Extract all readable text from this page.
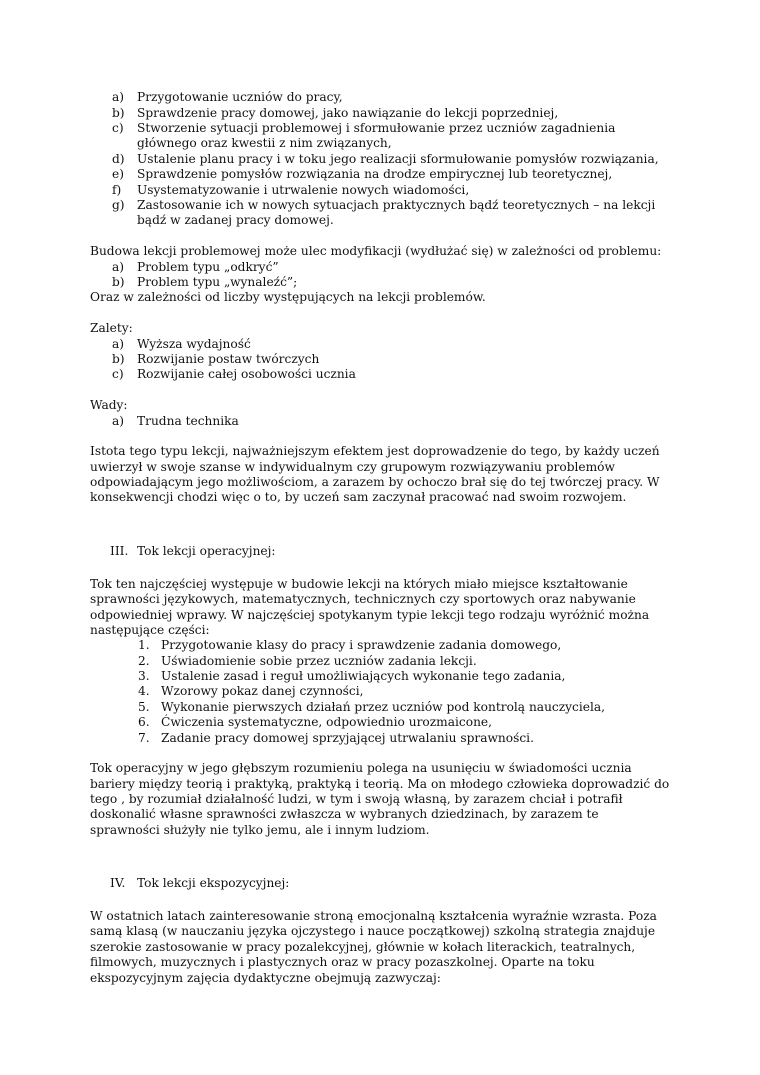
a) Przygotowanie uczniów do pracy,
b) Sprawdzenie pracy domowej, jako nawiązanie do lekcji poprzedniej,
c) Stworzenie sytuacji problemowej i sformułowanie przez uczniów zagadnienia
głównego oraz kwestii z nim związanych,
d) Ustalenie planu pracy i w toku jego realizacji sformułowanie pomysłów rozwiązania,
e) Sprawdzenie pomysłów rozwiązania na drodze empirycznej lub teoretycznej,
f) Usystematyzowanie i utrwalenie nowych wiadomości,
g) Zastosowanie ich w nowych sytuacjach praktycznych bądź teoretycznych – na lekcji
bądź w zadanej pracy domowej.
Budowa lekcji problemowej może ulec modyfikacji (wydłużać się) w zależności od problemu:
a) Problem typu „odkryć”
b) Problem typu „wynaleźć”;
Oraz w zależności od liczby występujących na lekcji problemów.
Zalety:
a) Wyższa wydajność
b) Rozwijanie postaw twórczych
c) Rozwijanie całej osobowości ucznia
Wady:
a) Trudna technika
Istota tego typu lekcji, najważniejszym efektem jest doprowadzenie do tego, by każdy uczeń
uwierzył w swoje szanse w indywidualnym czy grupowym rozwiązywaniu problemów
odpowiadającym jego możliwościom, a zarazem by ochoczo brał się do tej twórczej pracy. W
konsekwencji chodzi więc o to, by uczeń sam zaczynał pracować nad swoim rozwojem.
III. Tok lekcji operacyjnej:
Tok ten najczęściej występuje w budowie lekcji na których miało miejsce kształtowanie
sprawności językowych, matematycznych, technicznych czy sportowych oraz nabywanie
odpowiedniej wprawy. W najczęściej spotykanym typie lekcji tego rodzaju wyróżnić można
następujące części:
1. Przygotowanie klasy do pracy i sprawdzenie zadania domowego,
2. Uświadomienie sobie przez uczniów zadania lekcji.
3. Ustalenie zasad i reguł umożliwiających wykonanie tego zadania,
4. Wzorowy pokaz danej czynności,
5. Wykonanie pierwszych działań przez uczniów pod kontrolą nauczyciela,
6. Ćwiczenia systematyczne, odpowiednio urozmaicone,
7. Zadanie pracy domowej sprzyjającej utrwalaniu sprawności.
Tok operacyjny w jego głębszym rozumieniu polega na usunięciu w świadomości ucznia
bariery między teorią i praktyką, praktyką i teorią. Ma on młodego człowieka doprowadzić do
tego , by rozumiał działalność ludzi, w tym i swoją własną, by zarazem chciał i potrafił
doskonalić własne sprawności zwłaszcza w wybranych dziedzinach, by zarazem te
sprawności służyły nie tylko jemu, ale i innym ludziom.
IV. Tok lekcji ekspozycyjnej:
W ostatnich latach zainteresowanie stroną emocjonalną kształcenia wyraźnie wzrasta. Poza
samą klasą (w nauczaniu języka ojczystego i nauce początkowej) szkolną strategia znajduje
szerokie zastosowanie w pracy pozalekcyjnej, głównie w kołach literackich, teatralnych,
filmowych, muzycznych i plastycznych oraz w pracy pozaszkolnej. Oparte na toku
ekspozycyjnym zajęcia dydaktyczne obejmują zazwyczaj:
